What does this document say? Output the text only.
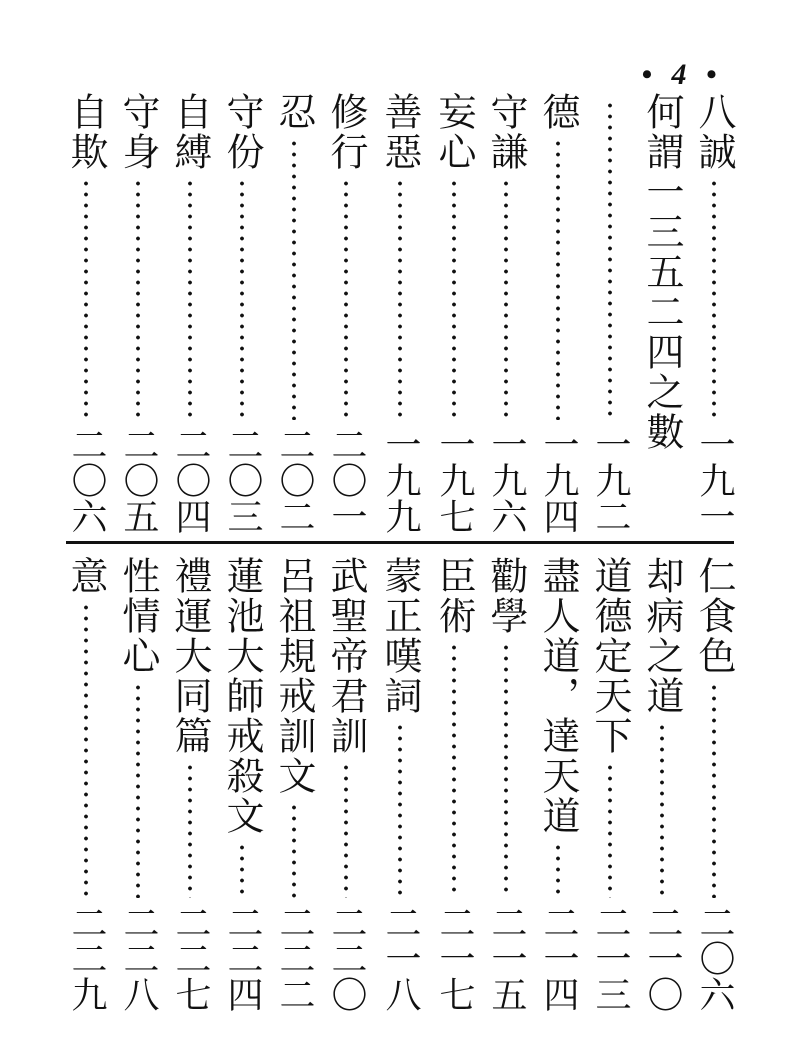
• 4 •
八誠
一九一
何謂一三五二四之數
一九二
德
一九四
守謙
一九六
妄心
一九七
善惡
一九九
修行
二〇一
忍
二〇二
守份
二〇三
自縛
二〇四
守身
二〇五
自欺
二〇六
仁食色
二〇六
却病之道
二一〇
道德定天下
二一三
盡人道，達天道
二一四
勸學
二一五
臣術
二一七
蒙正嘆詞
二一八
武聖帝君訓
二二〇
呂祖規戒訓文
二二二
蓮池大師戒殺文
二二四
禮運大同篇
二二七
性情心
二二八
意
二二九
